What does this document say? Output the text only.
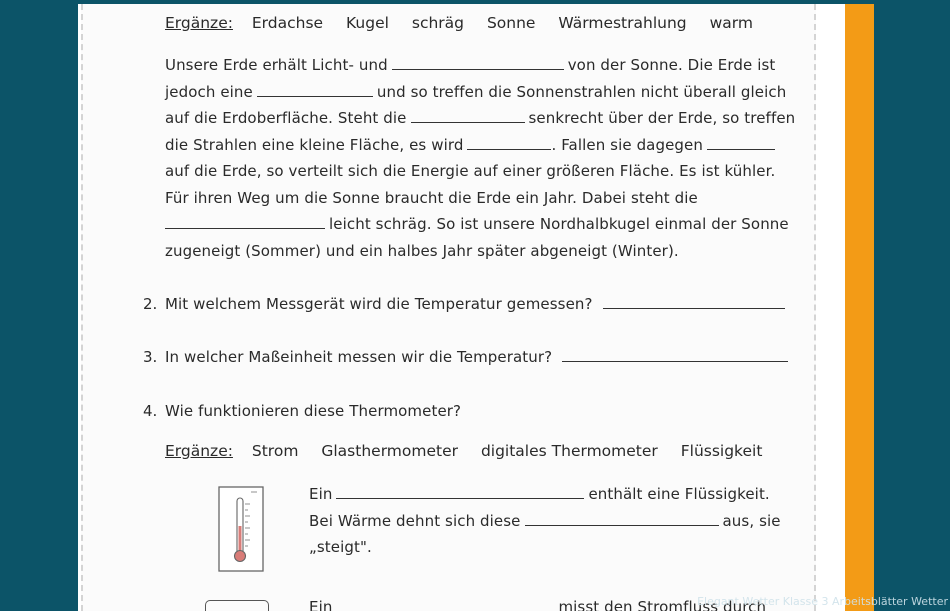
Ergänze: Erdachse Kugel schräg Sonne Wärmestrahlung warm
Unsere Erde erhält Licht- und	von der Sonne. Die Erde ist
jedoch eine	und so treffen die Sonnenstrahlen nicht überall gleich
auf die Erdoberfläche. Steht die	senkrecht über der Erde, so treffen
die Strahlen eine kleine Fläche, es wird	. Fallen sie dagegen
auf die Erde, so verteilt sich die Energie auf einer größeren Fläche. Es ist kühler.
Für ihren Weg um die Sonne braucht die Erde ein Jahr. Dabei steht die
leicht schräg. So ist unsere Nordhalbkugel einmal der Sonne
zugeneigt (Sommer) und ein halbes Jahr später abgeneigt (Winter).
2. Mit welchem Messgerät wird die Temperatur gemessen?
3. In welcher Maßeinheit messen wir die Temperatur?
4. Wie funktionieren diese Thermometer?
Ergänze: Strom Glasthermometer digitales Thermometer Flüssigkeit
Ein	enthält eine Flüssigkeit.
Bei Wärme dehnt sich diese	aus, sie
„steigt".
Ein	misst den Stromfluss durch
Elegant Wetter Klasse 3 Arbeitsblätter Wetter
